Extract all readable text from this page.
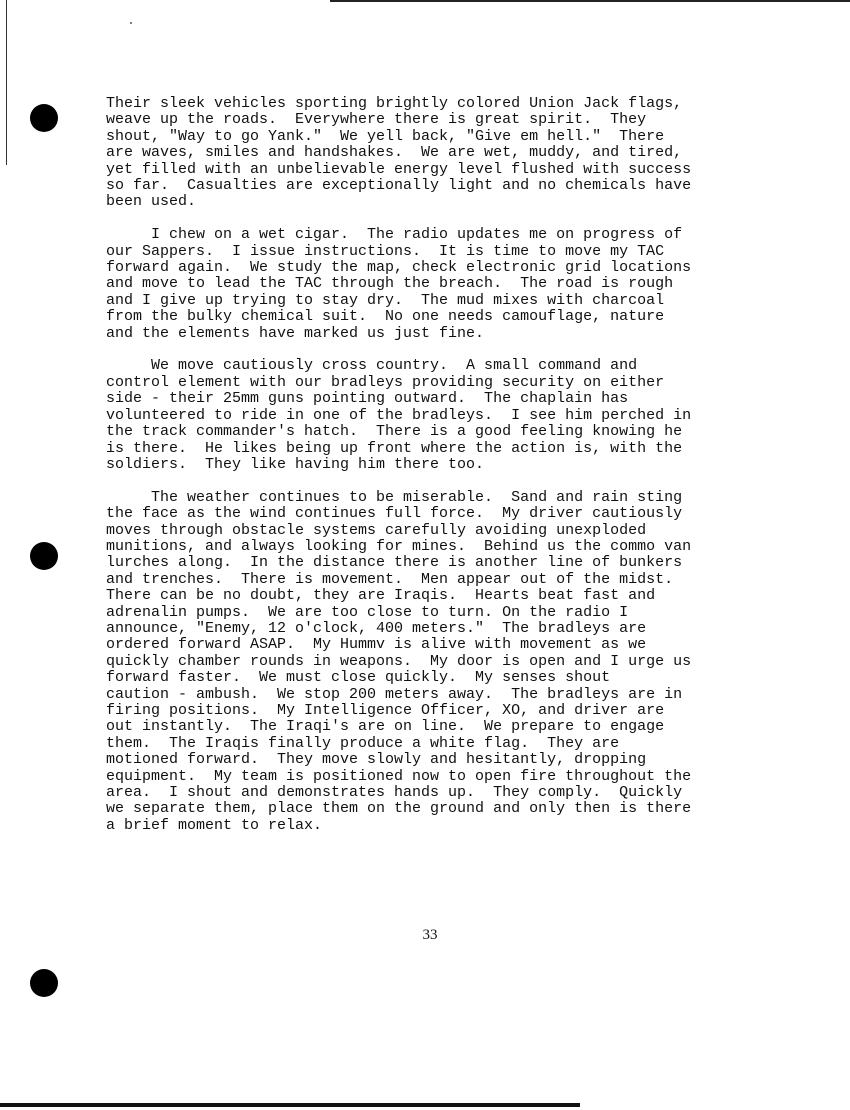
Their sleek vehicles sporting brightly colored Union Jack flags,
weave up the roads.  Everywhere there is great spirit.  They
shout, "Way to go Yank."  We yell back, "Give em hell."  There
are waves, smiles and handshakes.  We are wet, muddy, and tired,
yet filled with an unbelievable energy level flushed with success
so far.  Casualties are exceptionally light and no chemicals have
been used.

I chew on a wet cigar.  The radio updates me on progress of
our Sappers.  I issue instructions.  It is time to move my TAC
forward again.  We study the map, check electronic grid locations
and move to lead the TAC through the breach.  The road is rough
and I give up trying to stay dry.  The mud mixes with charcoal
from the bulky chemical suit.  No one needs camouflage, nature
and the elements have marked us just fine.

We move cautiously cross country.  A small command and
control element with our bradleys providing security on either
side - their 25mm guns pointing outward.  The chaplain has
volunteered to ride in one of the bradleys.  I see him perched in
the track commander's hatch.  There is a good feeling knowing he
is there.  He likes being up front where the action is, with the
soldiers.  They like having him there too.

The weather continues to be miserable.  Sand and rain sting
the face as the wind continues full force.  My driver cautiously
moves through obstacle systems carefully avoiding unexploded
munitions, and always looking for mines.  Behind us the commo van
lurches along.  In the distance there is another line of bunkers
and trenches.  There is movement.  Men appear out of the midst.
There can be no doubt, they are Iraqis.  Hearts beat fast and
adrenalin pumps.  We are too close to turn. On the radio I
announce, "Enemy, 12 o'clock, 400 meters."  The bradleys are
ordered forward ASAP.  My Hummv is alive with movement as we
quickly chamber rounds in weapons.  My door is open and I urge us
forward faster.  We must close quickly.  My senses shout
caution - ambush.  We stop 200 meters away.  The bradleys are in
firing positions.  My Intelligence Officer, XO, and driver are
out instantly.  The Iraqi's are on line.  We prepare to engage
them.  The Iraqis finally produce a white flag.  They are
motioned forward.  They move slowly and hesitantly, dropping
equipment.  My team is positioned now to open fire throughout the
area.  I shout and demonstrates hands up.  They comply.  Quickly
we separate them, place them on the ground and only then is there
a brief moment to relax.

33
